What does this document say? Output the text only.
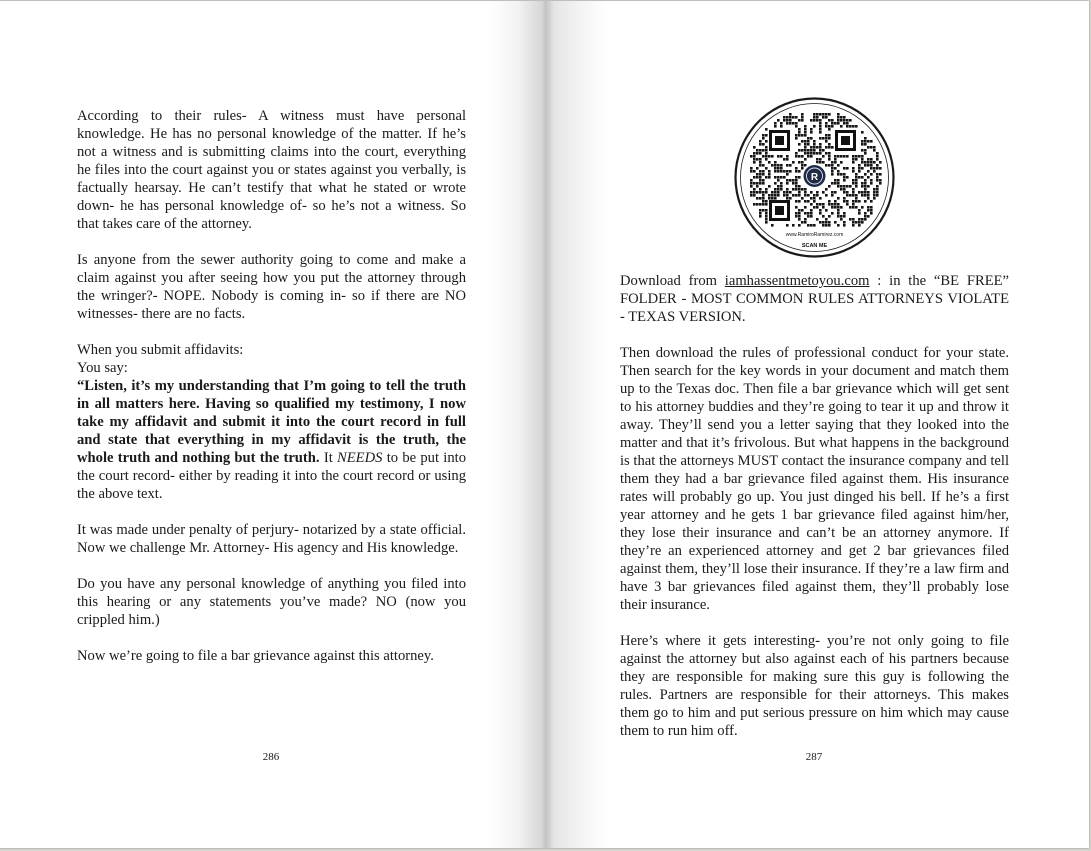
According to their rules- A witness must have personal knowledge. He has no personal knowledge of the matter. If he’s not a witness and is submitting claims into the court, everything he files into the court against you or states against you verbally, is factually hearsay. He can’t testify that what he stated or wrote down- he has personal knowledge of- so he’s not a witness. So that takes care of the attorney.

Is anyone from the sewer authority going to come and make a claim against you after seeing how you put the attorney through the wringer?- NOPE. Nobody is coming in- so if there are NO witnesses- there are no facts.

When you submit affidavits:

You say:

“Listen, it’s my understanding that I’m going to tell the truth in all matters here. Having so qualified my testimony, I now take my affidavit and submit it into the court record in full and state that everything in my affidavit is the truth, the whole truth and nothing but the truth. It NEEDS to be put into the court record- either by reading it into the court record or using the above text.

It was made under penalty of perjury- notarized by a state official. Now we challenge Mr. Attorney- His agency and His knowledge.

Do you have any personal knowledge of anything you filed into this hearing or any statements you’ve made? NO (now you crippled him.)

Now we’re going to file a bar grievance against this attorney.

286
R
www.RamiroRamirez.com
SCAN ME

Download from iamhassentmetoyou.com : in the “BE FREE” FOLDER - MOST COMMON RULES ATTORNEYS VIOLATE - TEXAS VERSION.

Then download the rules of professional conduct for your state. Then search for the key words in your document and match them up to the Texas doc. Then file a bar grievance which will get sent to his attorney buddies and they’re going to tear it up and throw it away. They’ll send you a letter saying that they looked into the matter and that it’s frivolous. But what happens in the background is that the attorneys MUST contact the insurance company and tell them they had a bar grievance filed against them. His insurance rates will probably go up. You just dinged his bell. If he’s a first year attorney and he gets 1 bar grievance filed against him/her, they lose their insurance and can’t be an attorney anymore. If they’re an experienced attorney and get 2 bar grievances filed against them, they’ll lose their insurance. If they’re a law firm and have 3 bar grievances filed against them, they’ll probably lose their insurance.

Here’s where it gets interesting- you’re not only going to file against the attorney but also against each of his partners because they are responsible for making sure this guy is following the rules. Partners are responsible for their attorneys. This makes them go to him and put serious pressure on him which may cause them to run him off.

287
